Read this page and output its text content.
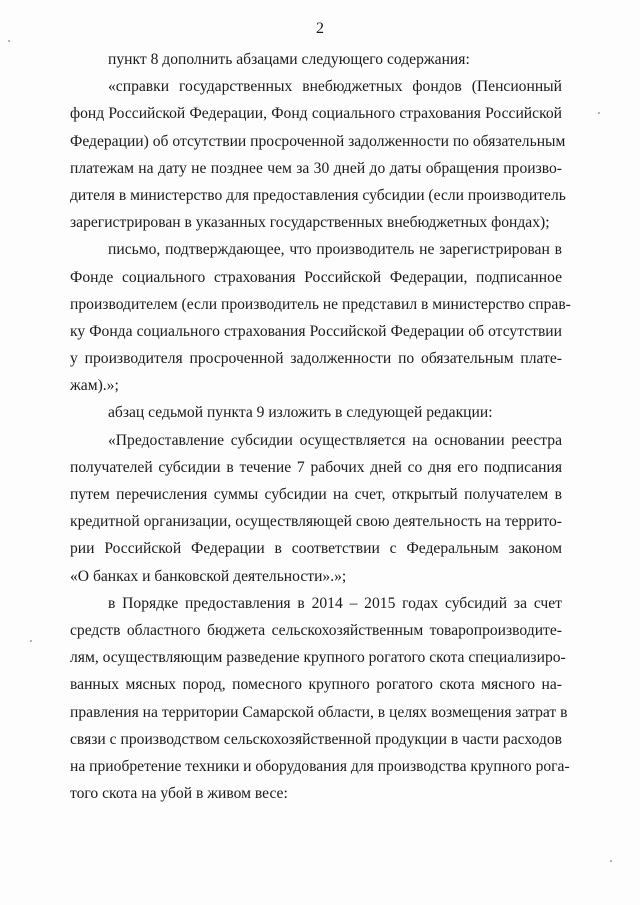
2
пункт 8 дополнить абзацами следующего содержания:
«справки государственных внебюджетных фондов (Пенсионный
фонд Российской Федерации, Фонд социального страхования Российской
Федерации) об отсутствии просроченной задолженности по обязательным
платежам на дату не позднее чем за 30 дней до даты обращения произво-
дителя в министерство для предоставления субсидии (если производитель
зарегистрирован в указанных государственных внебюджетных фондах);
письмо, подтверждающее, что производитель не зарегистрирован в
Фонде социального страхования Российской Федерации, подписанное
производителем (если производитель не представил в министерство справ-
ку Фонда социального страхования Российской Федерации об отсутствии
у производителя просроченной задолженности по обязательным плате-
жам).»;
абзац седьмой пункта 9 изложить в следующей редакции:
«Предоставление субсидии осуществляется на основании реестра
получателей субсидии в течение 7 рабочих дней со дня его подписания
путем перечисления суммы субсидии на счет, открытый получателем в
кредитной организации, осуществляющей свою деятельность на террито-
рии Российской Федерации в соответствии с Федеральным законом
«О банках и банковской деятельности».»;
в Порядке предоставления в 2014 – 2015 годах субсидий за счет
средств областного бюджета сельскохозяйственным товаропроизводите-
лям, осуществляющим разведение крупного рогатого скота специализиро-
ванных мясных пород, помесного крупного рогатого скота мясного на-
правления на территории Самарской области, в целях возмещения затрат в
связи с производством сельскохозяйственной продукции в части расходов
на приобретение техники и оборудования для производства крупного рога-
того скота на убой в живом весе:
